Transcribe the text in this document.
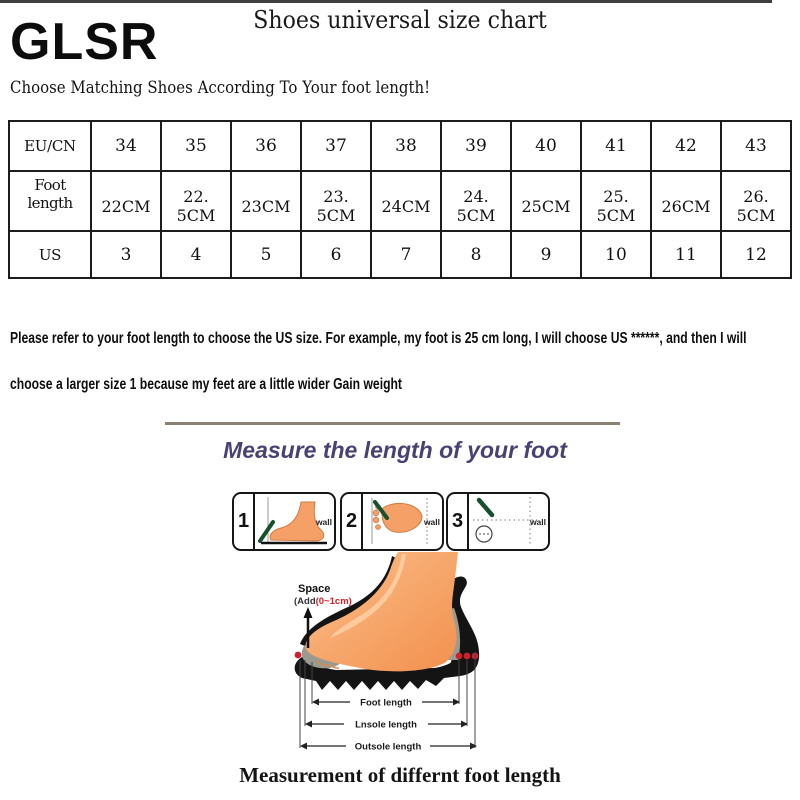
GLSR	Shoes universal size chart
Choose Matching Shoes According To Your foot length!
EU/CN	34	35	36	37	38	39	40	41	42	43
Foot length	22CM	22. 5CM	23CM	23. 5CM	24CM	24. 5CM	25CM	25. 5CM	26CM	26. 5CM
US	3	4	5	6	7	8	9	10	11	12
Please refer to your foot length to choose the US size. For example, my foot is 25 cm long, I will choose US ******, and then I will
choose a larger size 1 because my feet are a little wider Gain weight
Measure the length of your foot
1	wall 2	wall 3	wall
Space
(Add(0~1cm)
Foot length
Lnsole length
Outsole length
Measurement of differnt foot length
